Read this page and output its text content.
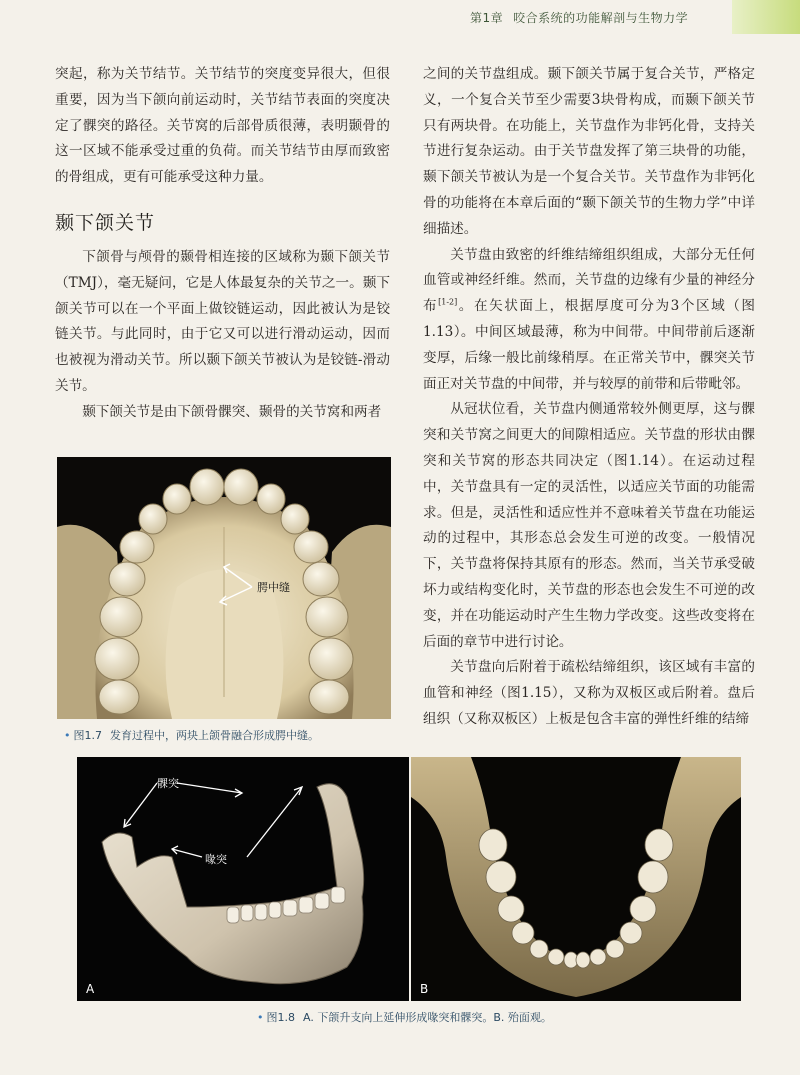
第1章 咬合系统的功能解剖与生物力学

突起，称为关节结节。关节结节的突度变异很大，但很重要，因为当下颌向前运动时，关节结节表面的突度决定了髁突的路径。关节窝的后部骨质很薄，表明颞骨的这一区域不能承受过重的负荷。而关节结节由厚而致密的骨组成，更有可能承受这种力量。

颞下颌关节

下颌骨与颅骨的颞骨相连接的区域称为颞下颌关节（TMJ），毫无疑问，它是人体最复杂的关节之一。颞下颌关节可以在一个平面上做铰链运动，因此被认为是铰链关节。与此同时，由于它又可以进行滑动运动，因而也被视为滑动关节。所以颞下颌关节被认为是铰链-滑动关节。

颞下颌关节是由下颌骨髁突、颞骨的关节窝和两者

之间的关节盘组成。颞下颌关节属于复合关节，严格定义，一个复合关节至少需要3块骨构成，而颞下颌关节只有两块骨。在功能上，关节盘作为非钙化骨，支持关节进行复杂运动。由于关节盘发挥了第三块骨的功能，颞下颌关节被认为是一个复合关节。关节盘作为非钙化骨的功能将在本章后面的“颞下颌关节的生物力学”中详细描述。

关节盘由致密的纤维结缔组织组成，大部分无任何血管或神经纤维。然而，关节盘的边缘有少量的神经分布[1-2]。在矢状面上，根据厚度可分为3个区域（图1.13）。中间区域最薄，称为中间带。中间带前后逐渐变厚，后缘一般比前缘稍厚。在正常关节中，髁突关节面正对关节盘的中间带，并与较厚的前带和后带毗邻。

从冠状位看，关节盘内侧通常较外侧更厚，这与髁突和关节窝之间更大的间隙相适应。关节盘的形状由髁突和关节窝的形态共同决定（图1.14）。在运动过程中，关节盘具有一定的灵活性，以适应关节面的功能需求。但是，灵活性和适应性并不意味着关节盘在功能运动的过程中，其形态总会发生可逆的改变。一般情况下，关节盘将保持其原有的形态。然而，当关节承受破坏力或结构变化时，关节盘的形态也会发生不可逆的改变，并在功能运动时产生生物力学改变。这些改变将在后面的章节中进行讨论。

关节盘向后附着于疏松结缔组织，该区域有丰富的血管和神经（图1.15），又称为双板区或后附着。盘后组织（又称双板区）上板是包含丰富的弹性纤维的结缔

腭中缝
• 图1.7 发育过程中，两块上颌骨融合形成腭中缝。
髁突
喙突
A	B
• 图1.8 A. 下颌升支向上延伸形成喙突和髁突。B. 殆面观。
